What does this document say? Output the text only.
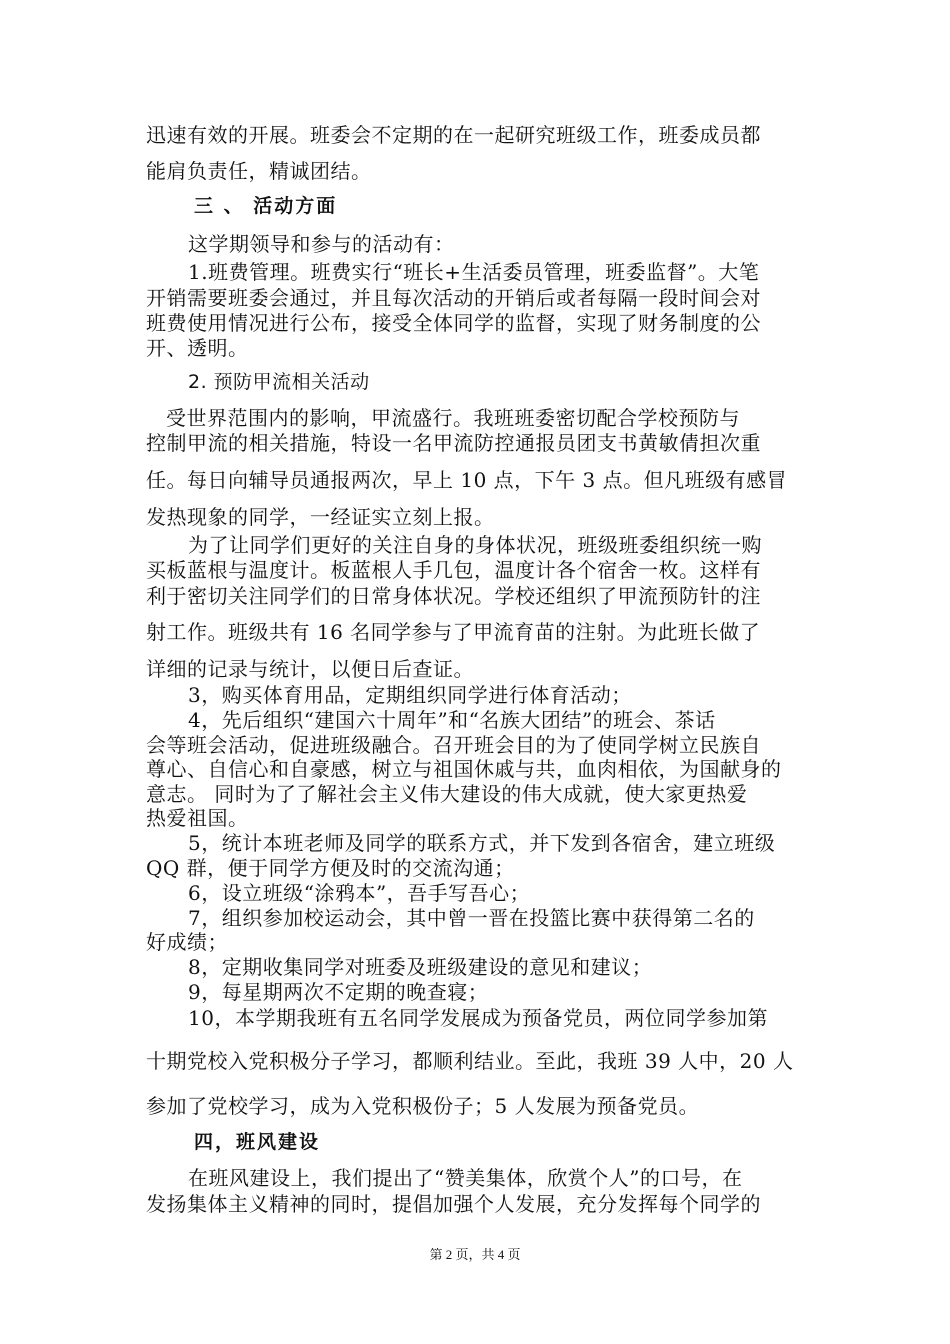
迅速有效的开展。班委会不定期的在一起研究班级工作，班委成员都
能肩负责任，精诚团结。
三 、 活动方面
这学期领导和参与的活动有：
1.班费管理。班费实行“班长+生活委员管理，班委监督”。大笔
开销需要班委会通过，并且每次活动的开销后或者每隔一段时间会对
班费使用情况进行公布，接受全体同学的监督，实现了财务制度的公
开、透明。
2. 预防甲流相关活动
受世界范围内的影响，甲流盛行。我班班委密切配合学校预防与
控制甲流的相关措施，特设一名甲流防控通报员团支书黄敏倩担次重
任。每日向辅导员通报两次，早上 10 点，下午 3 点。但凡班级有感冒
发热现象的同学，一经证实立刻上报。
为了让同学们更好的关注自身的身体状况，班级班委组织统一购
买板蓝根与温度计。板蓝根人手几包，温度计各个宿舍一枚。这样有
利于密切关注同学们的日常身体状况。学校还组织了甲流预防针的注
射工作。班级共有 16 名同学参与了甲流育苗的注射。为此班长做了
详细的记录与统计，以便日后查证。
3，购买体育用品，定期组织同学进行体育活动；
4，先后组织“建国六十周年”和“名族大团结”的班会、茶话
会等班会活动，促进班级融合。召开班会目的为了使同学树立民族自
尊心、自信心和自豪感，树立与祖国休戚与共，血肉相依，为国献身的
意志。 同时为了了解社会主义伟大建设的伟大成就，使大家更热爱
热爱祖国。
5，统计本班老师及同学的联系方式，并下发到各宿舍，建立班级
QQ 群，便于同学方便及时的交流沟通；
6，设立班级“涂鸦本”，吾手写吾心；
7，组织参加校运动会，其中曾一晋在投篮比赛中获得第二名的
好成绩；
8，定期收集同学对班委及班级建设的意见和建议；
9，每星期两次不定期的晚查寝；
10，本学期我班有五名同学发展成为预备党员，两位同学参加第
十期党校入党积极分子学习，都顺利结业。至此，我班 39 人中，20 人
参加了党校学习，成为入党积极份子；5 人发展为预备党员。
四，班风建设
在班风建设上，我们提出了“赞美集体，欣赏个人”的口号，在
发扬集体主义精神的同时，提倡加强个人发展，充分发挥每个同学的
第 2 页，共 4 页
